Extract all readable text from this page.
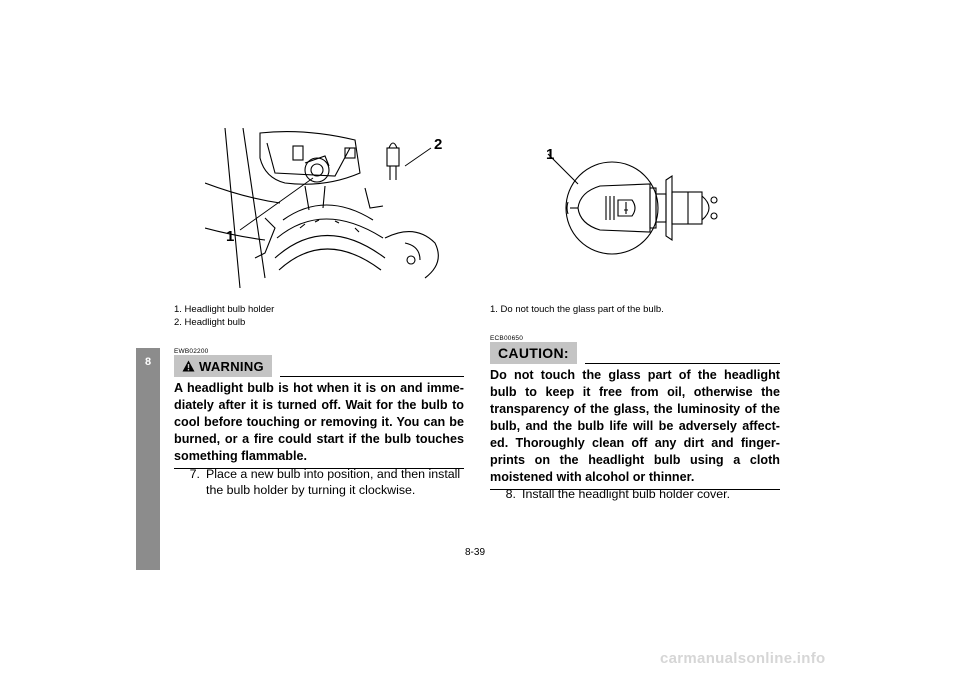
8
1
2
1. Headlight bulb holder
2. Headlight bulb
EWB02200
WARNING
A headlight bulb is hot when it is on and imme-diately after it is turned off. Wait for the bulb to cool before touching or removing it. You can be burned, or a fire could start if the bulb touches something flammable.
7. Place a new bulb into position, and then install the bulb holder by turning it clockwise.
1
1. Do not touch the glass part of the bulb.
ECB00650
CAUTION:
Do not touch the glass part of the headlight bulb to keep it free from oil, otherwise the transparency of the glass, the luminosity of the bulb, and the bulb life will be adversely affect-ed. Thoroughly clean off any dirt and finger-prints on the headlight bulb using a cloth moistened with alcohol or thinner.
8. Install the headlight bulb holder cover.
8-39
carmanualsonline.info
